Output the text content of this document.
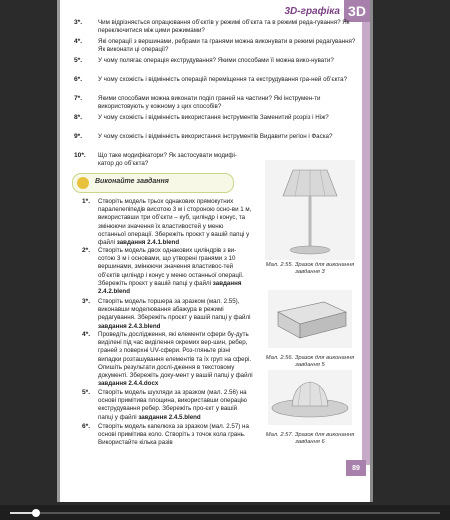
3D-графіка 3D
3*.	Чим відрізняється опрацювання об’єктів у режимі об’єкта та в режимі реда-гування? Як переключитися між цими режимами?
4*.	Які операції з вершинами, ребрами та гранями можна виконувати в режимі редагування? Як виконати ці операції?
5*.	У чому полягає операція екструдування? Якими способами її можна вико-нувати?
6*.	У чому схожість і відмінність операцій переміщення та екструдування гра-ней об’єкта?
7*.	Якими способами можна виконати поділ граней на частини? Які інструмен-ти використовують у кожному з цих способів?
8*.	У чому схожість і відмінність використання інструментів Заменитий розріз і Ніж?
9*.	У чому схожість і відмінність використання інструментів Видавити регіон і Фаска?
10*. Що таке модифікатори? Як застосувати модифі-катор до об’єкта?
Виконайте завдання
1*. Створіть модель трьох однакових прямокутних паралелепіпедів висотою 3 м і стороною осно-ви 1 м, використавши три об’єкти – куб, циліндр і конус, та змінюючи значення їх властивостей у меню останньої операції. Збережіть проєкт у вашій папці у файлі завдання 2.4.1.blend
2*. Створіть модель двох однакових циліндрів з ви-сотою 3 м і основами, що утворені гранями з 10 вершинами, змінюючи значення властивос-тей об’єктів циліндр і конус у меню останньої операції. Збережіть проєкт у вашій папці у файлі завдання 2.4.2.blend
3*. Створіть модель торшера за зразком (мал. 2.55), виконавши моделювання абажура в режимі редагування. Збережіть проєкт у вашій папці у файлі завдання 2.4.3.blend
4*. Проведіть дослідження, які елементи сфери бу-дуть виділені під час виділення окремих вер-шин, ребер, граней з поверхні UV-сфери. Роз-гляньте різні випадки розташування елементів та їх груп на сфері. Опишіть результати дослі-дження в текстовому документі. Збережіть доку-мент у вашій папці у файлі завдання 2.4.4.docx
5*. Створіть модель шухляди за зразком (мал. 2.56) на основі примітива площина, використавши операцію екструдування ребер. Збережіть про-єкт у вашій папці у файлі завдання 2.4.5.blend
6*. Створіть модель капелюха за зразком (мал. 2.57) на основі примітива коло. Створіть з точок кола грань. Використайте кілька разів
Мал. 2.55. Зразок для виконання завдання 3
Мал. 2.56. Зразок для виконання завдання 5
Мал. 2.57. Зразок для виконання завдання 6
89
